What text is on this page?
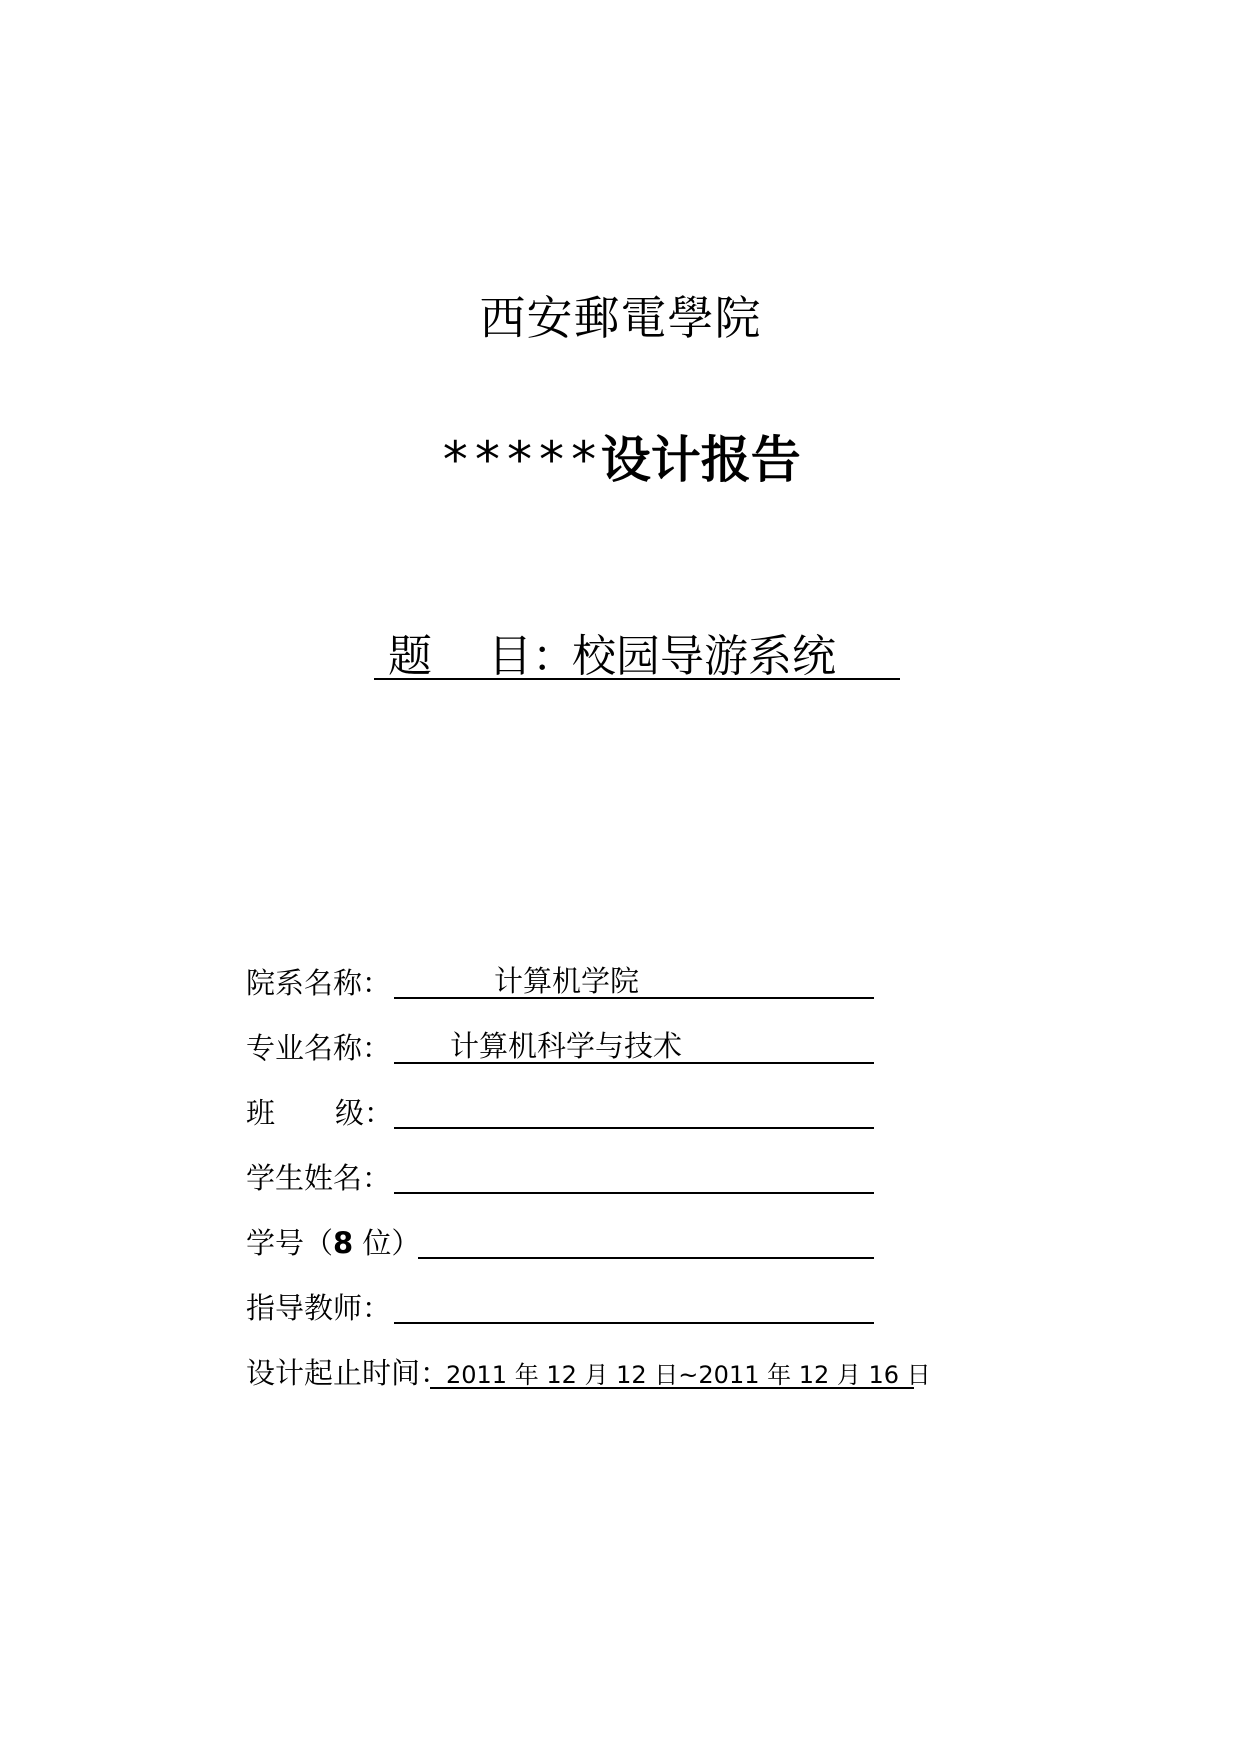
西安郵電學院
*****设计报告
题 目：
校园导游系统
院系名称：	计算机学院
专业名称： 计算机科学与技术
班 级：
学生姓名：
学号（8 位）
指导教师：
设计起止时间：
2011 年 12 月 12 日~2011 年 12 月 16 日
